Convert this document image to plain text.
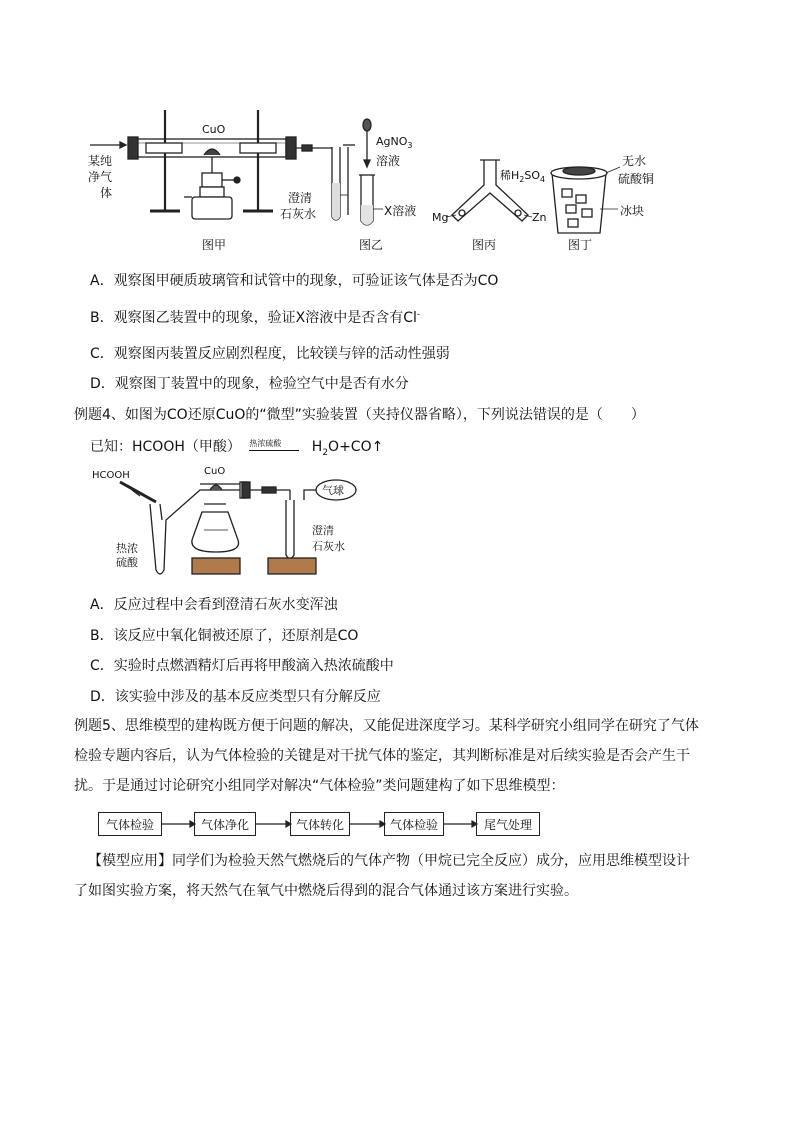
CuO
某纯
净气
体	澄清
石灰水
图甲
AgNO$_3$
溶液
X溶液
图乙
稀$H_2SO_4$
Mg	Zn
图丙
无水
硫酸铜
冰块
图丁
A．观察图甲硬质玻璃管和试管中的现象，可验证该气体是否为CO
B．观察图乙装置中的现象，验证X溶液中是否含有Cl-
C．观察图丙装置反应剧烈程度，比较镁与锌的活动性强弱
D．观察图丁装置中的现象，检验空气中是否有水分
例题4、如图为CO还原CuO的“微型”实验装置（夹持仪器省略），下列说法错误的是（　　）
已知：HCOOH（甲酸） 热浓硫酸 $H_2O+CO↑$
HCOOH	CuO
气球
热浓
硫酸
澄清
石灰水
A．反应过程中会看到澄清石灰水变浑浊
B．该反应中氧化铜被还原了，还原剂是CO
C．实验时点燃酒精灯后再将甲酸滴入热浓硫酸中
D．该实验中涉及的基本反应类型只有分解反应
例题5、思维模型的建构既方便于问题的解决，又能促进深度学习。某科学研究小组同学在研究了气体
检验专题内容后，认为气体检验的关键是对干扰气体的鉴定，其判断标准是对后续实验是否会产生干
扰。于是通过讨论研究小组同学对解决“气体检验”类问题建构了如下思维模型：
气体检验	气体净化	气体转化	气体检验	尾气处理
【模型应用】同学们为检验天然气燃烧后的气体产物（甲烷已完全反应）成分，应用思维模型设计
了如图实验方案，将天然气在氧气中燃烧后得到的混合气体通过该方案进行实验。
